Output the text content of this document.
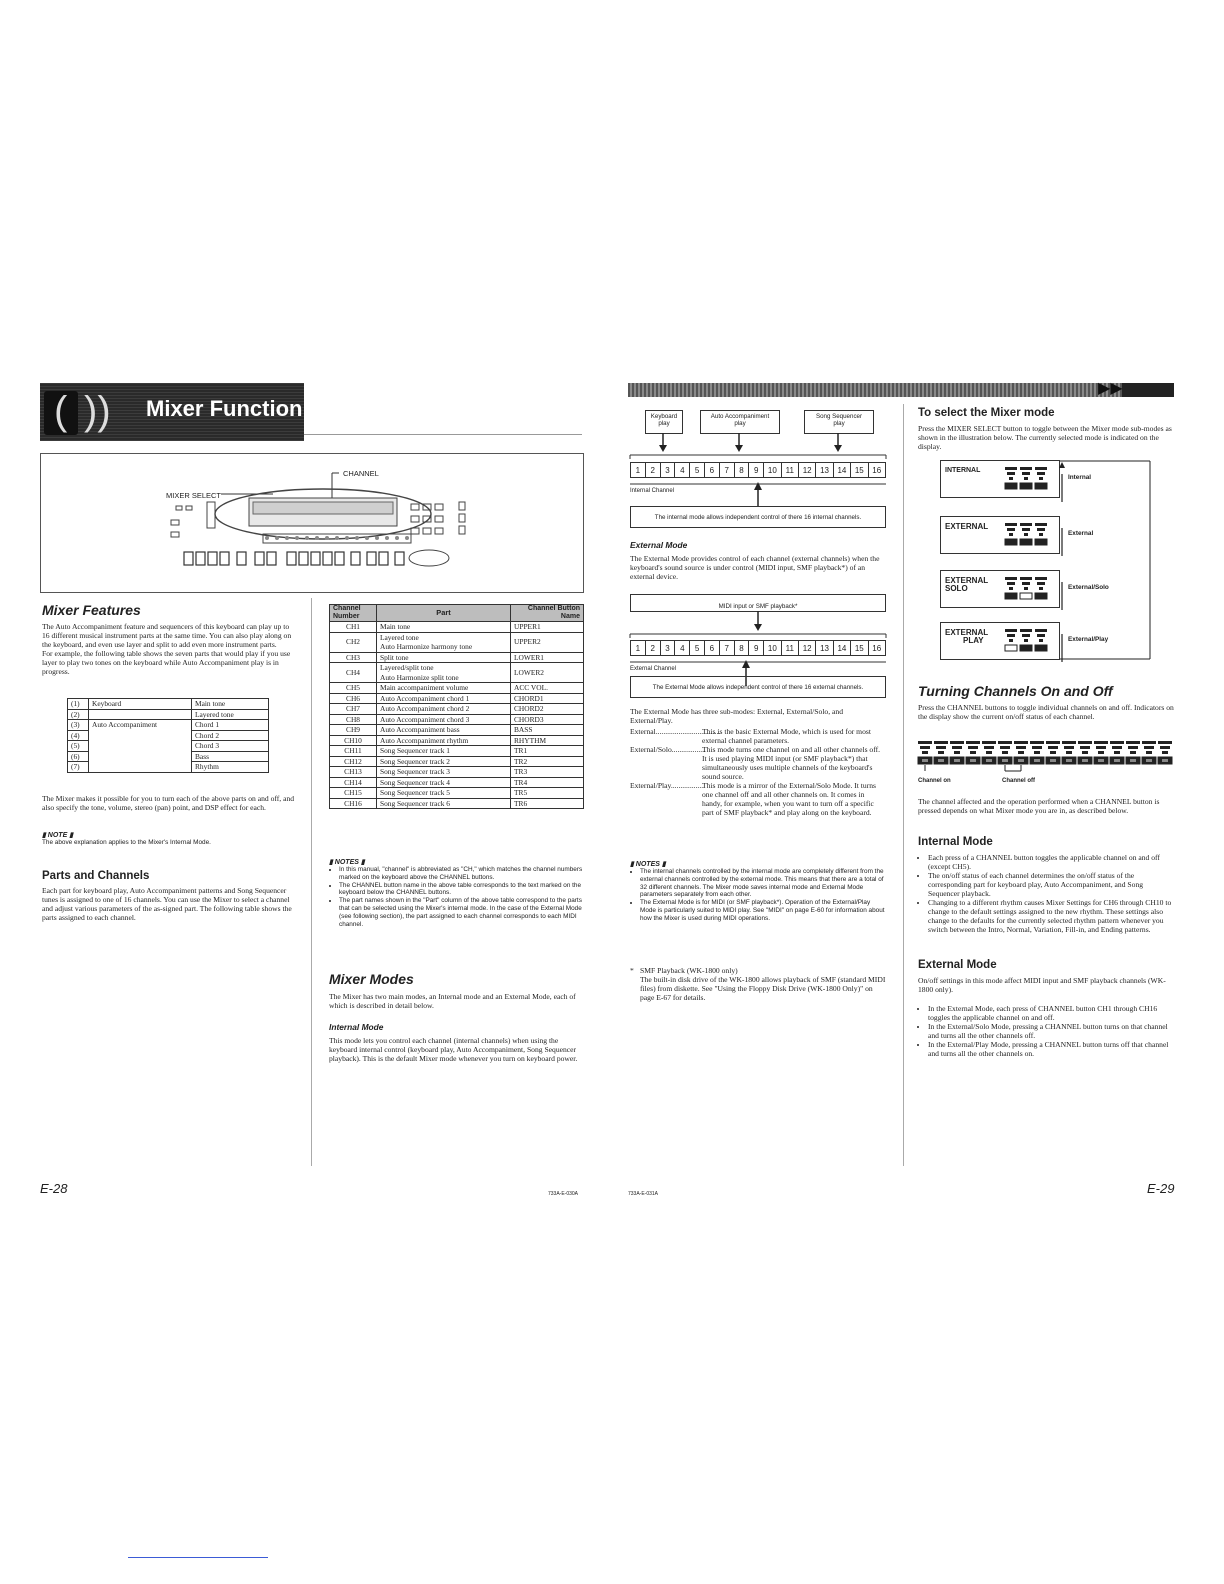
( )) Mixer Function
MIXER SELECT
CHANNEL
Mixer Features

The Auto Accompaniment feature and sequencers of this keyboard can play up to 16 different musical instrument parts at the same time. You can also play along on the keyboard, and even use layer and split to add even more instrument parts.

For example, the following table shows the seven parts that would play if you use layer to play two tones on the keyboard while Auto Accompaniment play is in progress.

(1)	Keyboard	Main tone
(2)		Layered tone
(3)	Auto Accompaniment	Chord 1
(4)		Chord 2
(5)		Chord 3
(6)		Bass
(7)		Rhythm

The Mixer makes it possible for you to turn each of the above parts on and off, and also specify the tone, volume, stereo (pan) point, and DSP effect for each.

▮ NOTE ▮

The above explanation applies to the Mixer's Internal Mode.

Parts and Channels

Each part for keyboard play, Auto Accompaniment patterns and Song Sequencer tunes is assigned to one of 16 channels. You can use the Mixer to select a channel and adjust various parameters of the as-signed part. The following table shows the parts assigned to each channel.

Channel Number	Part	Channel Button Name
CH1	Main tone	UPPER1
CH2	Layered tone
Auto Harmonize harmony tone	UPPER2
CH3	Split tone	LOWER1
CH4	Layered/split tone
Auto Harmonize split tone	LOWER2
CH5	Main accompaniment volume	ACC VOL.
CH6	Auto Accompaniment chord 1	CHORD1
CH7	Auto Accompaniment chord 2	CHORD2
CH8	Auto Accompaniment chord 3	CHORD3
CH9	Auto Accompaniment bass	BASS
CH10	Auto Accompaniment rhythm	RHYTHM
CH11	Song Sequencer track 1	TR1
CH12	Song Sequencer track 2	TR2
CH13	Song Sequencer track 3	TR3
CH14	Song Sequencer track 4	TR4
CH15	Song Sequencer track 5	TR5
CH16	Song Sequencer track 6	TR6
▮ NOTES ▮
• In this manual, "channel" is abbreviated as "CH," which matches the channel numbers marked on the keyboard above the CHANNEL buttons.
• The CHANNEL button name in the above table corresponds to the text marked on the keyboard below the CHANNEL buttons.
• The part names shown in the "Part" column of the above table correspond to the parts that can be selected using the Mixer's internal mode. In the case of the External Mode (see following section), the part assigned to each channel corresponds to each MIDI channel.
Mixer Modes

The Mixer has two main modes, an Internal mode and an External Mode, each of which is described in detail below.

Internal Mode

This mode lets you control each channel (internal channels) when using the keyboard internal control (keyboard play, Auto Accompaniment, Song Sequencer playback). This is the default Mixer mode whenever you turn on keyboard power.

E-28	733A-E-030A
▶▶
Keyboard play
Auto Accompaniment play
Song Sequencer play
1	2	3	4	5	6	7	8	9	10	11	12	13	14	15	16
Internal Channel
The internal mode allows independent control of there 16 internal channels.
External Mode

The External Mode provides control of each channel (external channels) when the keyboard's sound source is under control (MIDI input, SMF playback*) of an external device.

MIDI input or SMF playback*
1	2	3	4	5	6	7	8	9	10	11	12	13	14	15	16
External Channel
The External Mode allows independent control of there 16 external channels.

The External Mode has three sub-modes: External, External/Solo, and External/Play.

External..................................
This is the basic External Mode, which is used for most external channel parameters.
External/Solo..................
This mode turns one channel on and all other channels off. It is used playing MIDI input (or SMF playback*) that simultaneously uses multiple channels of the keyboard's sound source.
External/Play..................
This mode is a mirror of the External/Solo Mode. It turns one channel off and all other channels on. It comes in handy, for example, when you want to turn off a specific part of SMF playback* and play along on the keyboard.
▮ NOTES ▮
• The internal channels controlled by the internal mode are completely different from the external channels controlled by the external mode. This means that there are a total of 32 different channels. The Mixer mode saves internal mode and External Mode parameters separately from each other.
• The External Mode is for MIDI (or SMF playback*). Operation of the External/Play Mode is particularly suited to MIDI play. See "MIDI" on page E-60 for information about how the Mixer is used during MIDI operations.
* SMF Playback (WK-1800 only)

The built-in disk drive of the WK-1800 allows playback of SMF (standard MIDI files) from diskette. See "Using the Floppy Disk Drive (WK-1800 Only)" on page E-67 for details.

To select the Mixer mode

Press the MIXER SELECT button to toggle between the Mixer mode sub-modes as shown in the illustration below. The currently selected mode is indicated on the display.

INTERNAL
Internal
EXTERNAL
External
EXTERNAL
SOLO	External/Solo
EXTERNAL
PLAY	External/Play
Turning Channels On and Off

Press the CHANNEL buttons to toggle individual channels on and off. Indicators on the display show the current on/off status of each channel.

Channel on	Channel off

The channel affected and the operation performed when a CHANNEL button is pressed depends on what Mixer mode you are in, as described below.

Internal Mode
• Each press of a CHANNEL button toggles the applicable channel on and off (except CH5).
• The on/off status of each channel determines the on/off status of the corresponding part for keyboard play, Auto Accompaniment, and Song Sequencer playback.
• Changing to a different rhythm causes Mixer Settings for CH6 through CH10 to change to the default settings assigned to the new rhythm. These settings also change to the defaults for the currently selected rhythm pattern whenever you switch between the Intro, Normal, Variation, Fill-in, and Ending patterns.
External Mode

On/off settings in this mode affect MIDI input and SMF playback channels (WK-1800 only).

• In the External Mode, each press of CHANNEL button CH1 through CH16 toggles the applicable channel on and off.
• In the External/Solo Mode, pressing a CHANNEL button turns on that channel and turns all the other channels off.
• In the External/Play Mode, pressing a CHANNEL button turns off that channel and turns all the other channels on.
733A-E-031A	E-29
